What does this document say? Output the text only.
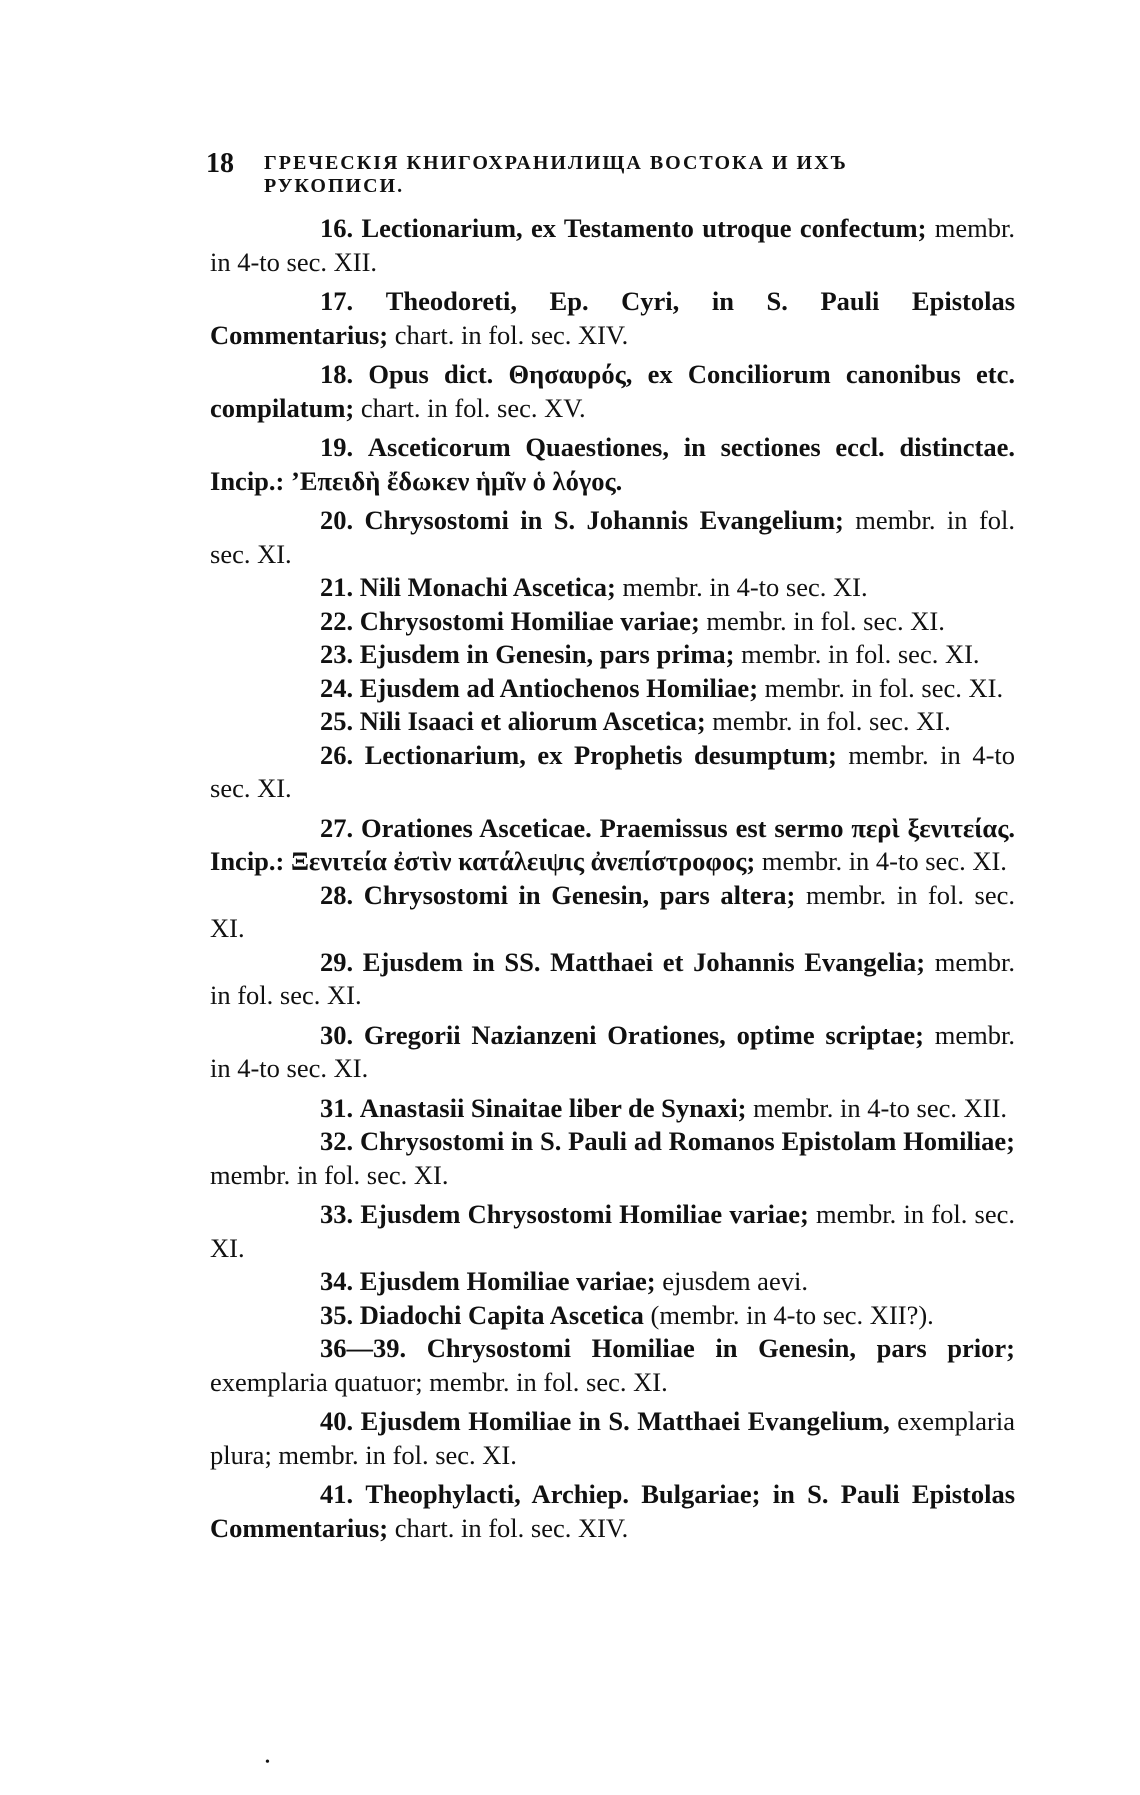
18 ГРЕЧЕСКІЯ КНИГОХРАНИЛИЩА ВОСТОКА И ИХЪ РУКОПИСИ.

16. Lectionarium, ex Testamento utroque confectum; membr. in 4-to sec. XII.

17. Theodoreti, Ep. Cyri, in S. Pauli Epistolas Commentarius; chart. in fol. sec. XIV.

18. Opus dict. Θησαυρός, ex Conciliorum canonibus etc. compilatum; chart. in fol. sec. XV.

19. Asceticorum Quaestiones, in sectiones eccl. distinctae. Incip.: ’Επειδὴ ἔδωκεν ἡμῖν ὁ λόγος.

20. Chrysostomi in S. Johannis Evangelium; membr. in fol. sec. XI.

21. Nili Monachi Ascetica; membr. in 4-to sec. XI.

22. Chrysostomi Homiliae variae; membr. in fol. sec. XI.

23. Ejusdem in Genesin, pars prima; membr. in fol. sec. XI.

24. Ejusdem ad Antiochenos Homiliae; membr. in fol. sec. XI.

25. Nili Isaaci et aliorum Ascetica; membr. in fol. sec. XI.

26. Lectionarium, ex Prophetis desumptum; membr. in 4-to sec. XI.

27. Orationes Asceticae. Praemissus est sermo περὶ ξενιτείας. Incip.: Ξενιτεία ἐστὶν κατάλειψις ἀνεπίστροφος; membr. in 4-to sec. XI.

28. Chrysostomi in Genesin, pars altera; membr. in fol. sec. XI.

29. Ejusdem in SS. Matthaei et Johannis Evangelia; membr. in fol. sec. XI.

30. Gregorii Nazianzeni Orationes, optime scriptae; membr. in 4-to sec. XI.

31. Anastasii Sinaitae liber de Synaxi; membr. in 4-to sec. XII.

32. Chrysostomi in S. Pauli ad Romanos Epistolam Homiliae; membr. in fol. sec. XI.

33. Ejusdem Chrysostomi Homiliae variae; membr. in fol. sec. XI.

34. Ejusdem Homiliae variae; ejusdem aevi.

35. Diadochi Capita Ascetica (membr. in 4-to sec. XII?).

36—39. Chrysostomi Homiliae in Genesin, pars prior; exemplaria quatuor; membr. in fol. sec. XI.

40. Ejusdem Homiliae in S. Matthaei Evangelium, exemplaria plura; membr. in fol. sec. XI.

41. Theophylacti, Archiep. Bulgariae; in S. Pauli Epistolas Commentarius; chart. in fol. sec. XIV.

•
